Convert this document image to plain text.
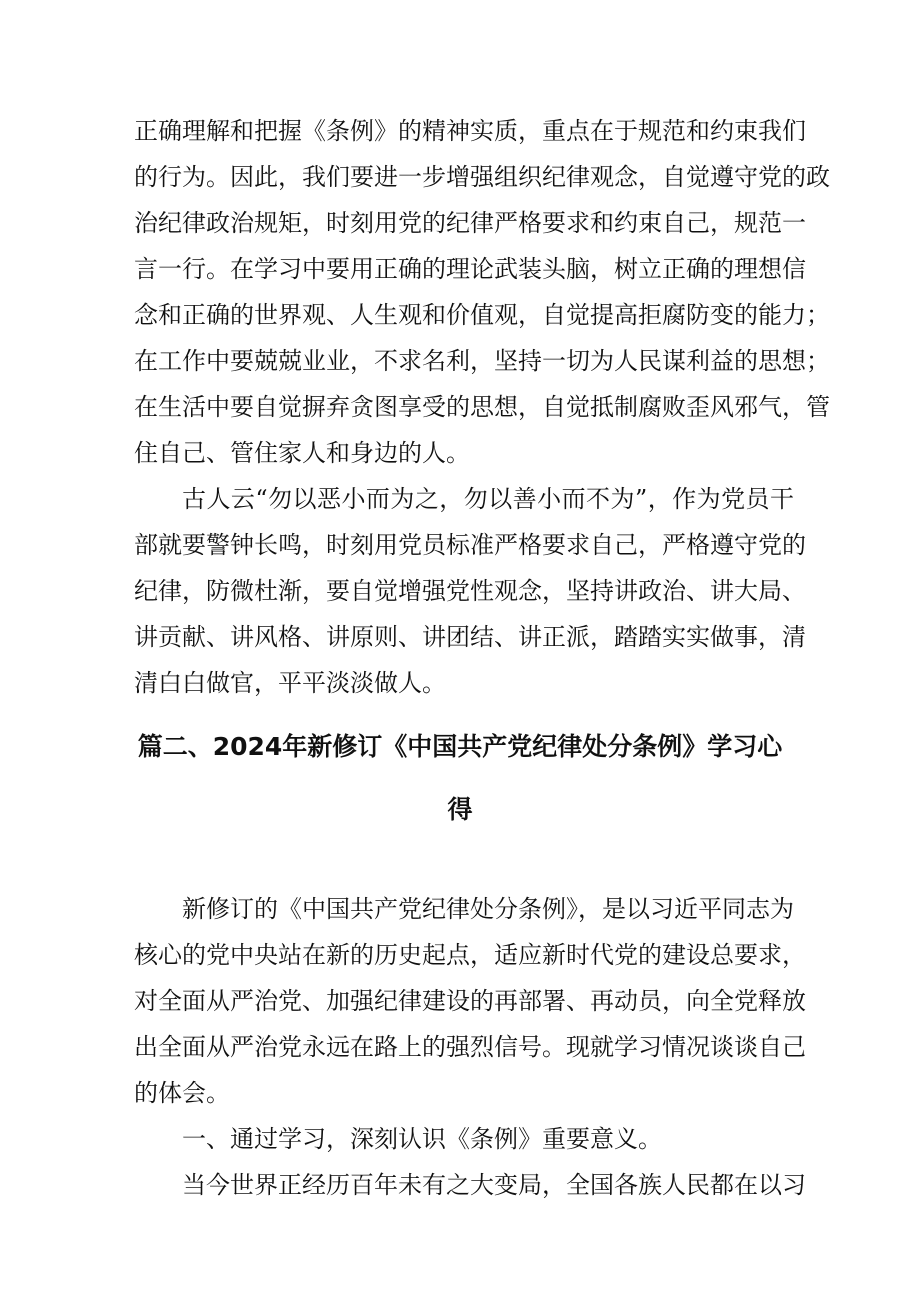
正确理解和把握《条例》的精神实质，重点在于规范和约束我们
的行为。因此，我们要进一步增强组织纪律观念，自觉遵守党的政
治纪律政治规矩，时刻用党的纪律严格要求和约束自己，规范一
言一行。在学习中要用正确的理论武装头脑，树立正确的理想信
念和正确的世界观、人生观和价值观，自觉提高拒腐防变的能力；
在工作中要兢兢业业，不求名利，坚持一切为人民谋利益的思想；
在生活中要自觉摒弃贪图享受的思想，自觉抵制腐败歪风邪气，管
住自己、管住家人和身边的人。
古人云“勿以恶小而为之，勿以善小而不为”，作为党员干
部就要警钟长鸣，时刻用党员标准严格要求自己，严格遵守党的
纪律，防微杜渐，要自觉增强党性观念，坚持讲政治、讲大局、
讲贡献、讲风格、讲原则、讲团结、讲正派，踏踏实实做事，清
清白白做官，平平淡淡做人。
篇二、2024年新修订《中国共产党纪律处分条例》学习心
得
新修订的《中国共产党纪律处分条例》，是以习近平同志为
核心的党中央站在新的历史起点，适应新时代党的建设总要求，
对全面从严治党、加强纪律建设的再部署、再动员，向全党释放
出全面从严治党永远在路上的强烈信号。现就学习情况谈谈自己
的体会。
一、通过学习，深刻认识《条例》重要意义。
当今世界正经历百年未有之大变局，全国各族人民都在以习
